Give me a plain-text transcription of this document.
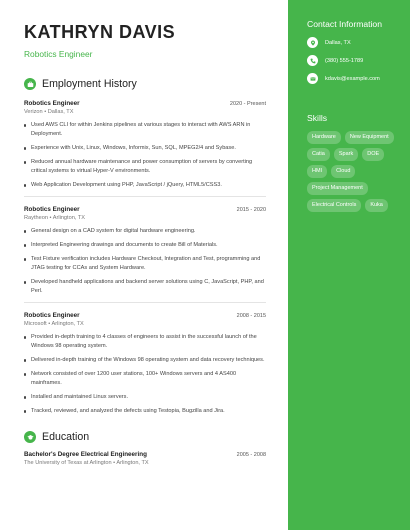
KATHRYN DAVIS
Robotics Engineer
Employment History
Robotics Engineer	2020 - Present
Verizon • Dallas, TX
Used AWS CLI for within Jenkins pipelines at various stages to interact with AWS ARN in Deployment.
Experience with Unix, Linux, Windows, Informix, Sun, SQL, MPEG2/4 and Sybase.
Reduced annual hardware maintenance and power consumption of servers by converting critical systems to virtual Hyper-V environments.
Web Application Development using PHP, JavaScript / jQuery, HTML5/CSS3.
Robotics Engineer	2015 - 2020
Raytheon • Arlington, TX
General design on a CAD system for digital hardware engineering.
Interpreted Engineering drawings and documents to create Bill of Materials.
Test Fixture verification includes Hardware Checkout, Integration and Test, programming and JTAG testing for CCAs and System Hardware.
Developed handheld applications and backend server solutions using C, JavaScript, PHP, and Perl.
Robotics Engineer	2008 - 2015
Microsoft • Arlington, TX
Provided in-depth training to 4 classes of engineers to assist in the successful launch of the Windows 98 operating system.
Delivered in-depth training of the Windows 98 operating system and data recovery techniques.
Network consisted of over 1200 user stations, 100+ Windows servers and 4 AS400 mainframes.
Installed and maintained Linux servers.
Tracked, reviewed, and analyzed the defects using Testopia, Bugzilla and Jira.
Education
Bachelor's Degree Electrical Engineering	2005 - 2008
The University of Texas at Arlington • Arlington, TX
Contact Information
Dallas, TX
(380) 555-1789
kdavis@example.com
Skills
Hardware	New Equipment
Catia	Spark	DOE
HMI	Cloud
Project Management
Electrical Controls	Kuka
